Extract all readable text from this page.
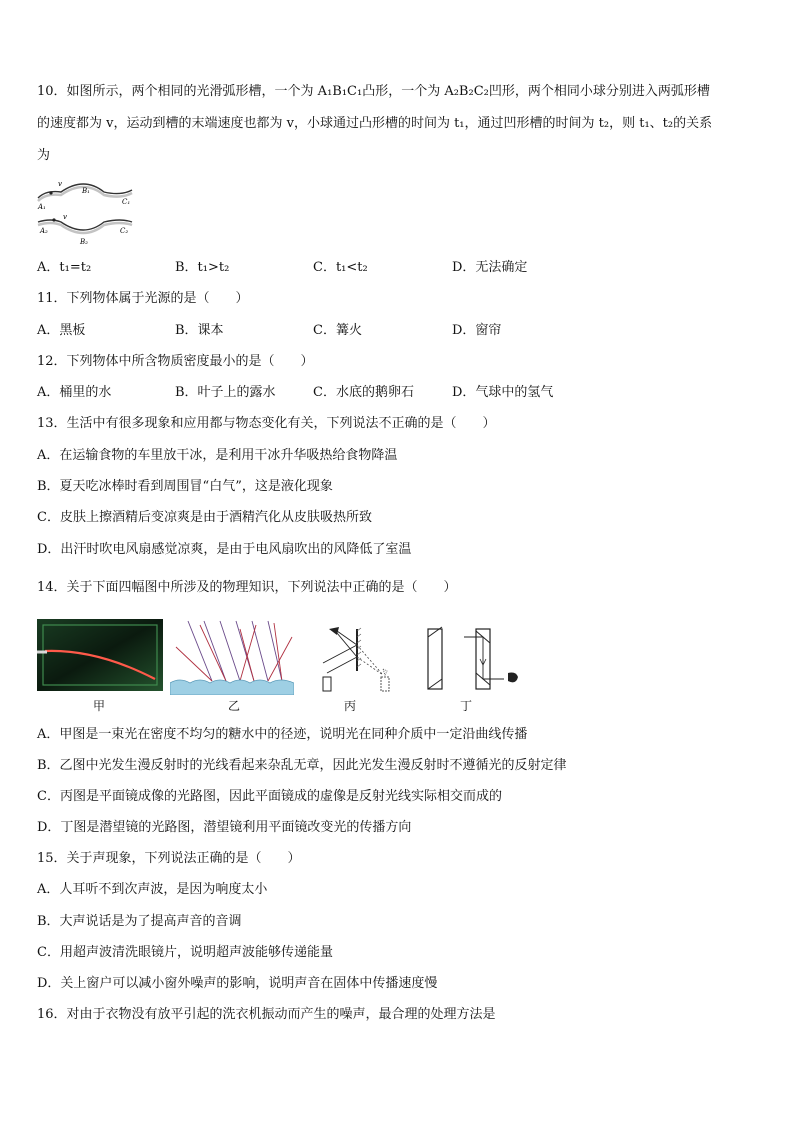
10．如图所示，两个相同的光滑弧形槽，一个为 A₁B₁C₁凸形，一个为 A₂B₂C₂凹形，两个相同小球分别进入两弧形槽
的速度都为 v，运动到槽的末端速度也都为 v，小球通过凸形槽的时间为 t₁，通过凹形槽的时间为 t₂，则 t₁、t₂的关系
为
v
A₁
B₁
C₁
v
A₂
B₂
C₂
A．t₁=t₂	B．t₁>t₂	C．t₁<t₂	D．无法确定
11．下列物体属于光源的是（　　）
A．黑板	B．课本	C．篝火	D．窗帘
12．下列物体中所含物质密度最小的是（　　）
A．桶里的水	B．叶子上的露水	C．水底的鹅卵石	D．气球中的氢气
13．生活中有很多现象和应用都与物态变化有关，下列说法不正确的是（　　）
A．在运输食物的车里放干冰，是利用干冰升华吸热给食物降温
B．夏天吃冰棒时看到周围冒“白气”，这是液化现象
C．皮肤上擦酒精后变凉爽是由于酒精汽化从皮肤吸热所致
D．出汗时吹电风扇感觉凉爽，是由于电风扇吹出的风降低了室温
14．关于下面四幅图中所涉及的物理知识，下列说法中正确的是（　　）
甲	乙	丙	丁
A．甲图是一束光在密度不均匀的糖水中的径迹，说明光在同种介质中一定沿曲线传播
B．乙图中光发生漫反射时的光线看起来杂乱无章，因此光发生漫反射时不遵循光的反射定律
C．丙图是平面镜成像的光路图，因此平面镜成的虚像是反射光线实际相交而成的
D．丁图是潜望镜的光路图，潜望镜利用平面镜改变光的传播方向
15．关于声现象，下列说法正确的是（　　）
A．人耳听不到次声波，是因为响度太小
B．大声说话是为了提高声音的音调
C．用超声波清洗眼镜片，说明超声波能够传递能量
D．关上窗户可以减小窗外噪声的影响，说明声音在固体中传播速度慢
16．对由于衣物没有放平引起的洗衣机振动而产生的噪声，最合理的处理方法是
